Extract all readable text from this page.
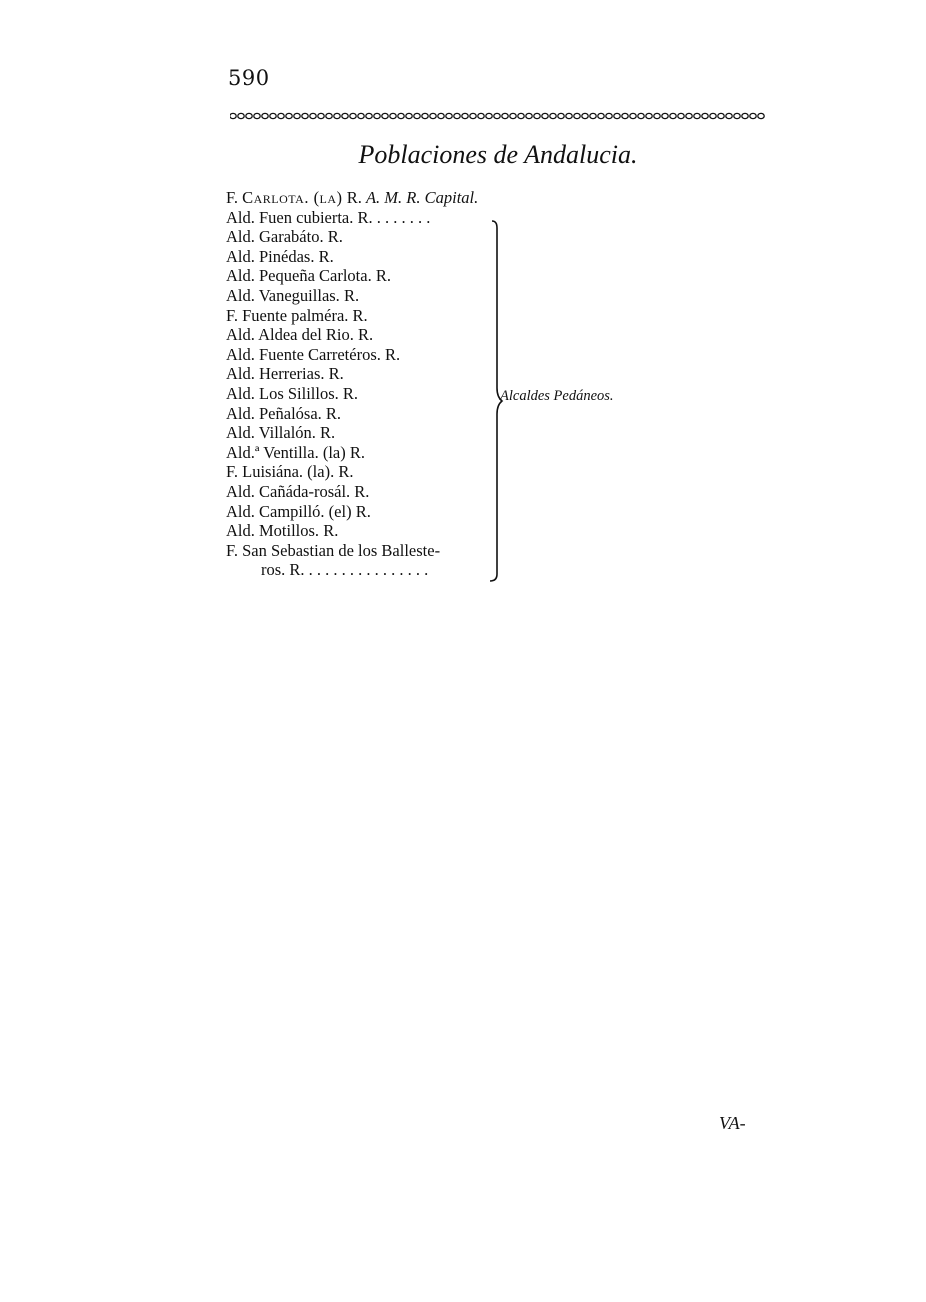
590
Poblaciones de Andalucia.
F. Carlota. (la) R. A. M. R. Capital.
Ald. Fuen cubierta. R. . . . . . . .
Ald. Garabáto. R.
Ald. Pinédas. R.
Ald. Pequeña Carlota. R.
Ald. Vaneguillas. R.
F. Fuente palméra. R.
Ald. Aldea del Rio. R.
Ald. Fuente Carretéros. R.
Ald. Herrerias. R.
Ald. Los Silillos. R.
Ald. Peñalósa. R.
Ald. Villalón. R.
Ald.ª Ventilla. (la) R.
F. Luisiána. (la). R.
Ald. Cañáda-rosál. R.
Ald. Campilló. (el) R.
Ald. Motillos. R.
F. San Sebastian de los Balleste-
ros. R. . . . . . . . . . . . . . . .
Alcaldes Pedáneos.
VA-
